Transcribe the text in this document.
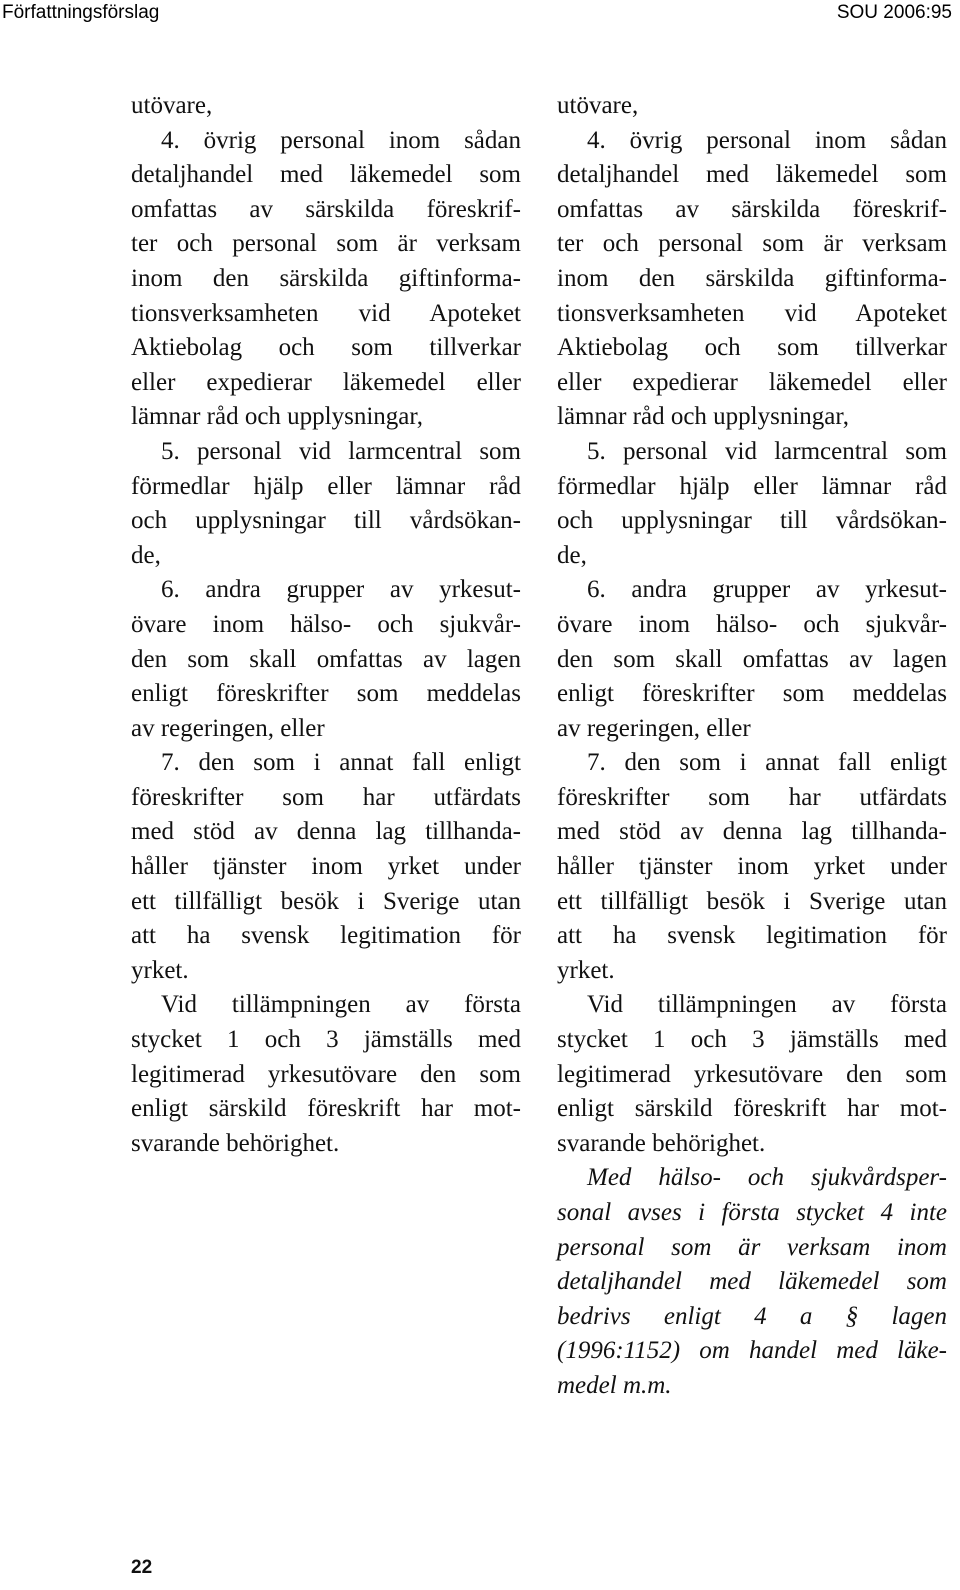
Författningsförslag	SOU 2006:95
utövare,
4. övrig personal inom sådan
detaljhandel med läkemedel som
omfattas av särskilda föreskrif-
ter och personal som är verksam
inom den särskilda giftinforma-
tionsverksamheten vid Apoteket
Aktiebolag och som tillverkar
eller expedierar läkemedel eller
lämnar råd och upplysningar,
5. personal vid larmcentral som
förmedlar hjälp eller lämnar råd
och upplysningar till vårdsökan-
de,
6. andra grupper av yrkesut-
övare inom hälso- och sjukvår-
den som skall omfattas av lagen
enligt föreskrifter som meddelas
av regeringen, eller
7. den som i annat fall enligt
föreskrifter som har utfärdats
med stöd av denna lag tillhanda-
håller tjänster inom yrket under
ett tillfälligt besök i Sverige utan
att ha svensk legitimation för
yrket.
Vid tillämpningen av första
stycket 1 och 3 jämställs med
legitimerad yrkesutövare den som
enligt särskild föreskrift har mot-
svarande behörighet.
utövare,
4. övrig personal inom sådan
detaljhandel med läkemedel som
omfattas av särskilda föreskrif-
ter och personal som är verksam
inom den särskilda giftinforma-
tionsverksamheten vid Apoteket
Aktiebolag och som tillverkar
eller expedierar läkemedel eller
lämnar råd och upplysningar,
5. personal vid larmcentral som
förmedlar hjälp eller lämnar råd
och upplysningar till vårdsökan-
de,
6. andra grupper av yrkesut-
övare inom hälso- och sjukvår-
den som skall omfattas av lagen
enligt föreskrifter som meddelas
av regeringen, eller
7. den som i annat fall enligt
föreskrifter som har utfärdats
med stöd av denna lag tillhanda-
håller tjänster inom yrket under
ett tillfälligt besök i Sverige utan
att ha svensk legitimation för
yrket.
Vid tillämpningen av första
stycket 1 och 3 jämställs med
legitimerad yrkesutövare den som
enligt särskild föreskrift har mot-
svarande behörighet.
Med hälso- och sjukvårdsper-
sonal avses i första stycket 4 inte
personal som är verksam inom
detaljhandel med läkemedel som
bedrivs enligt 4 a § lagen
(1996:1152) om handel med läke-
medel m.m.
22
